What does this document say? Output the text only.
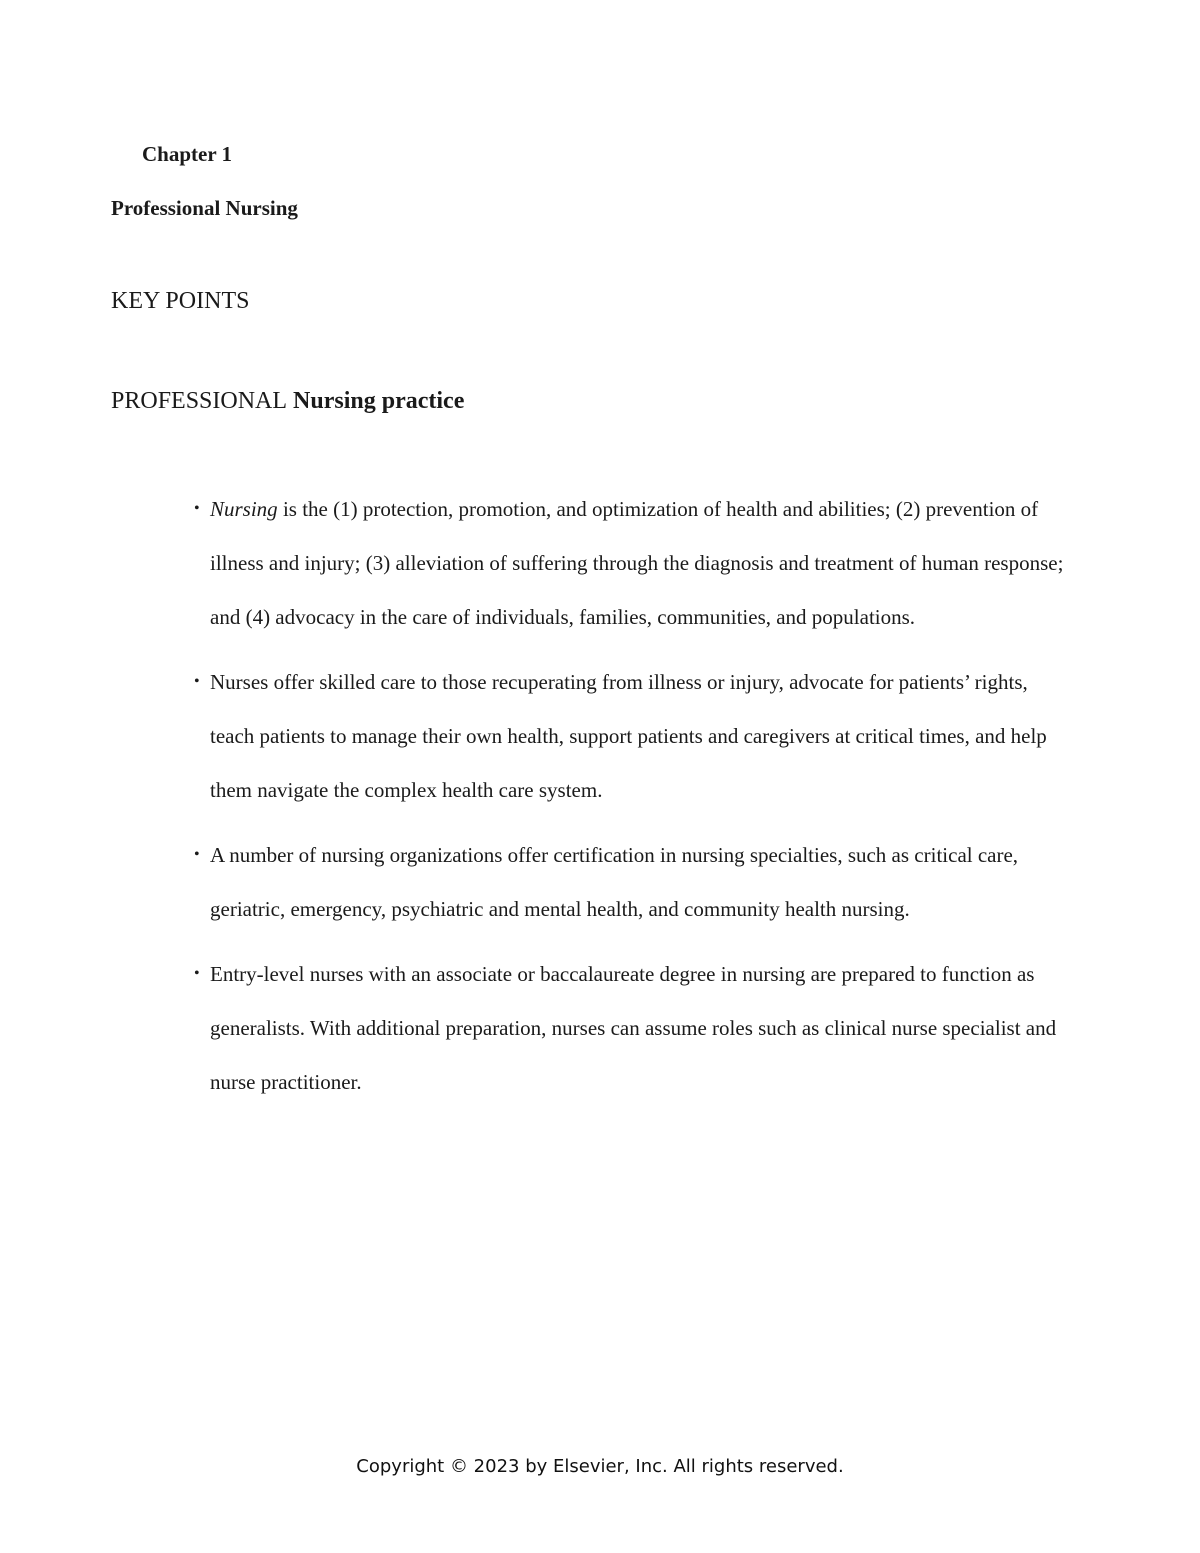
Chapter 1
Professional Nursing
KEY POINTS
PROFESSIONAL Nursing practice
• Nursing is the (1) protection, promotion, and optimization of health and abilities; (2) prevention of illness and injury; (3) alleviation of suffering through the diagnosis and treatment of human response; and (4) advocacy in the care of individuals, families, communities, and populations.
• Nurses offer skilled care to those recuperating from illness or injury, advocate for patients’ rights, teach patients to manage their own health, support patients and caregivers at critical times, and help them navigate the complex health care system.
• A number of nursing organizations offer certification in nursing specialties, such as critical care, geriatric, emergency, psychiatric and mental health, and community health nursing.
• Entry-level nurses with an associate or baccalaureate degree in nursing are prepared to function as generalists. With additional preparation, nurses can assume roles such as clinical nurse specialist and nurse practitioner.
Copyright © 2023 by Elsevier, Inc. All rights reserved.
